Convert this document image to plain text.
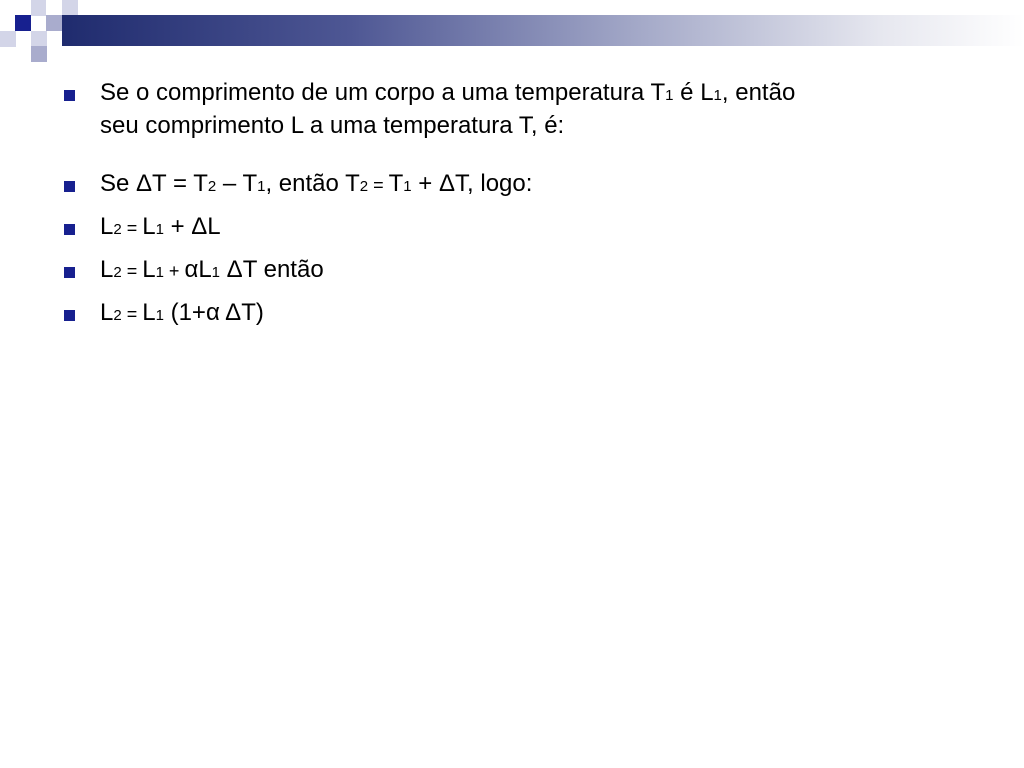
Se o comprimento de um corpo a uma temperatura T1 é L1, então
seu comprimento L a uma temperatura T, é:
Se ΔT = T2 – T1, então T2 = T1 + ΔT, logo:
L2 = L1 + ΔL
L2 = L1 + αL1 ΔT então
L2 = L1 (1+α ΔT)
